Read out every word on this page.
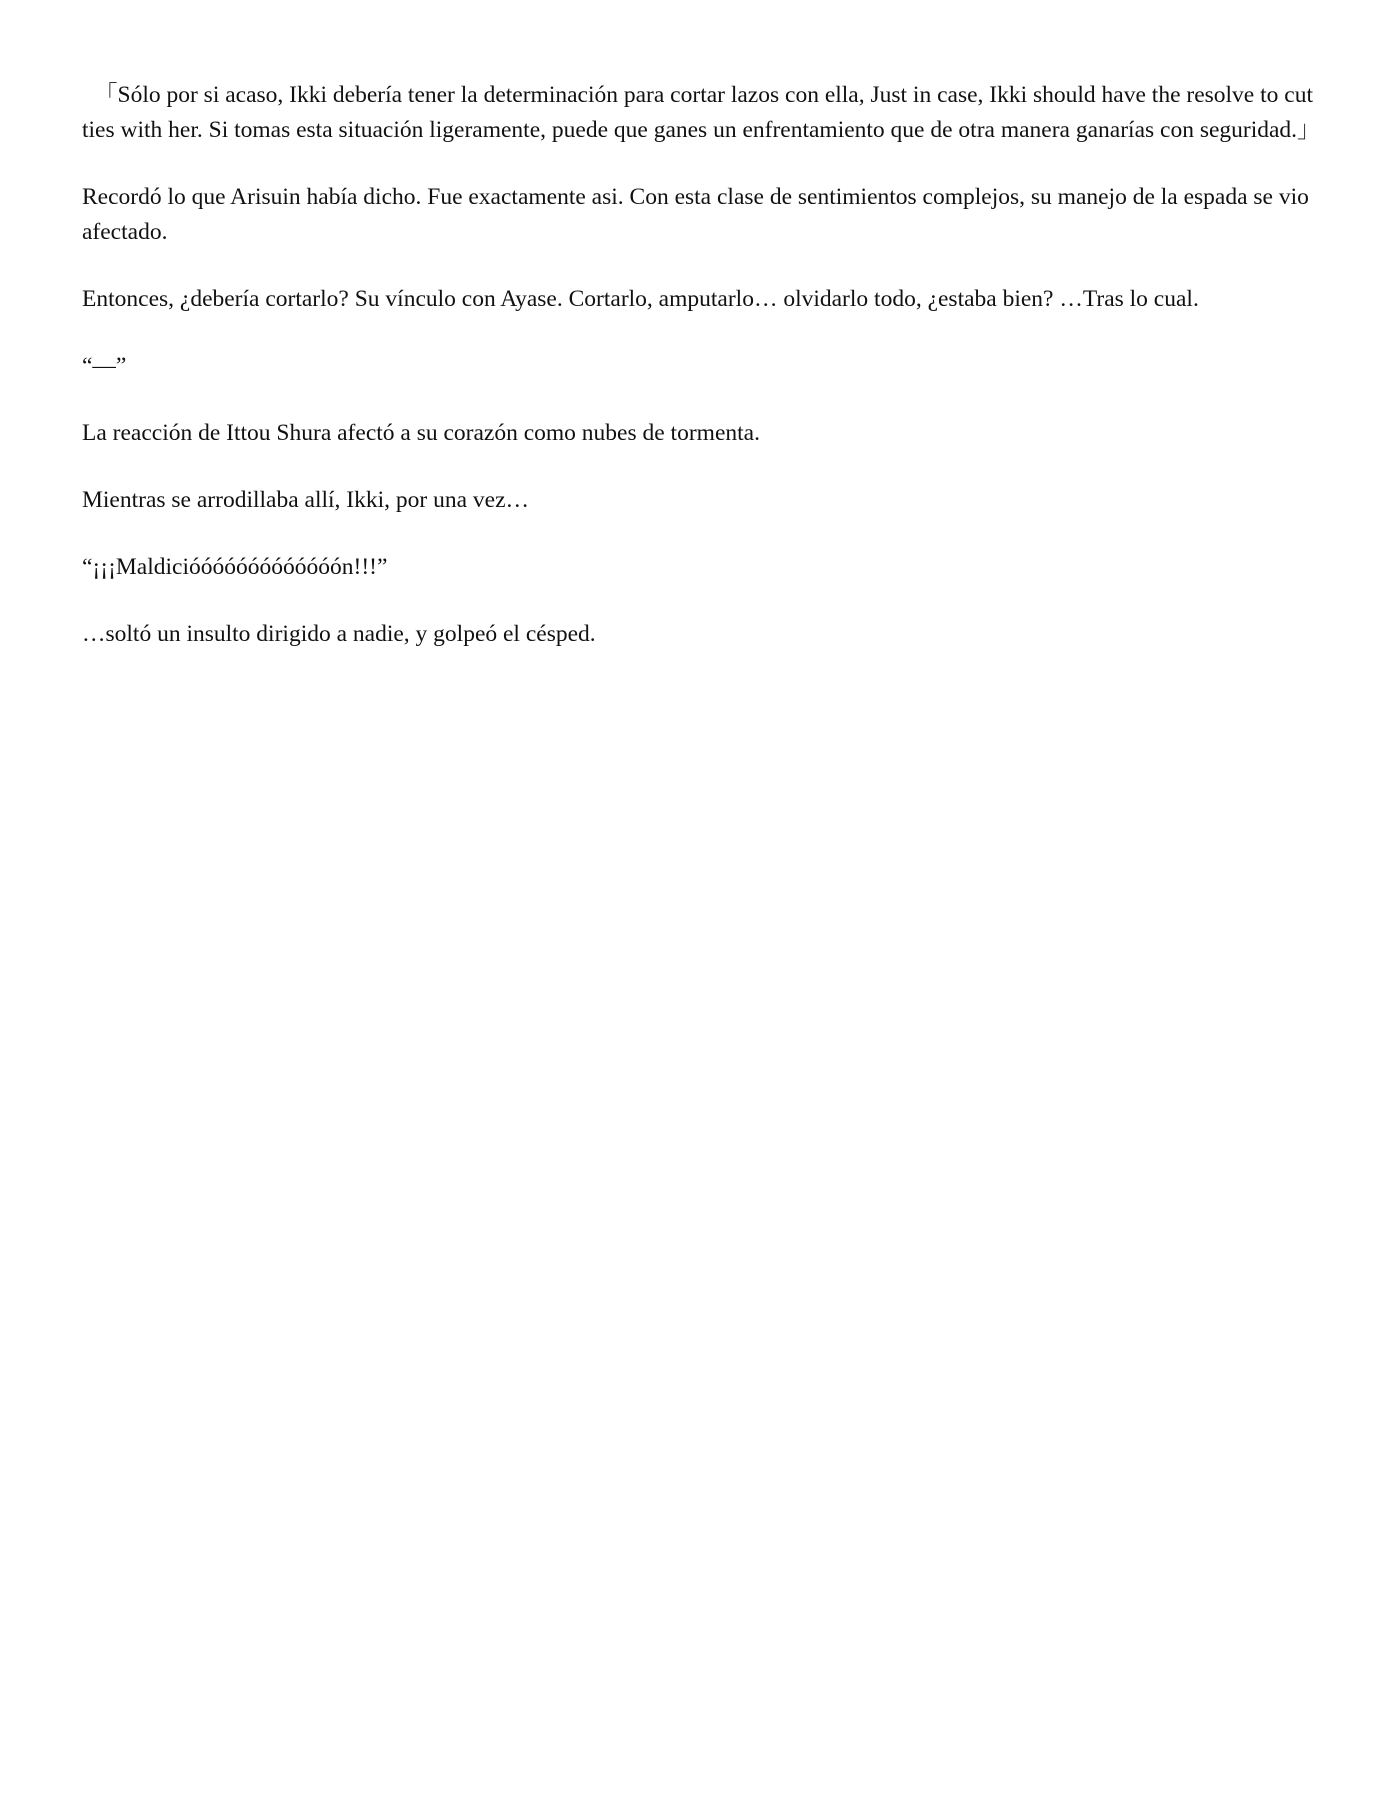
「Sólo por si acaso, Ikki debería tener la determinación para cortar lazos con ella, Just in case, Ikki should have the resolve to cut ties with her. Si tomas esta situación ligeramente, puede que ganes un enfrentamiento que de otra manera ganarías con seguridad.」

Recordó lo que Arisuin había dicho. Fue exactamente asi. Con esta clase de sentimientos complejos, su manejo de la espada se vio afectado.

Entonces, ¿debería cortarlo? Su vínculo con Ayase. Cortarlo, amputarlo… olvidarlo todo, ¿estaba bien? …Tras lo cual.

“—”

La reacción de Ittou Shura afectó a su corazón como nubes de tormenta.

Mientras se arrodillaba allí, Ikki, por una vez…

“¡¡¡Maldicióóóóóóóóóóóóón!!!”

…soltó un insulto dirigido a nadie, y golpeó el césped.
